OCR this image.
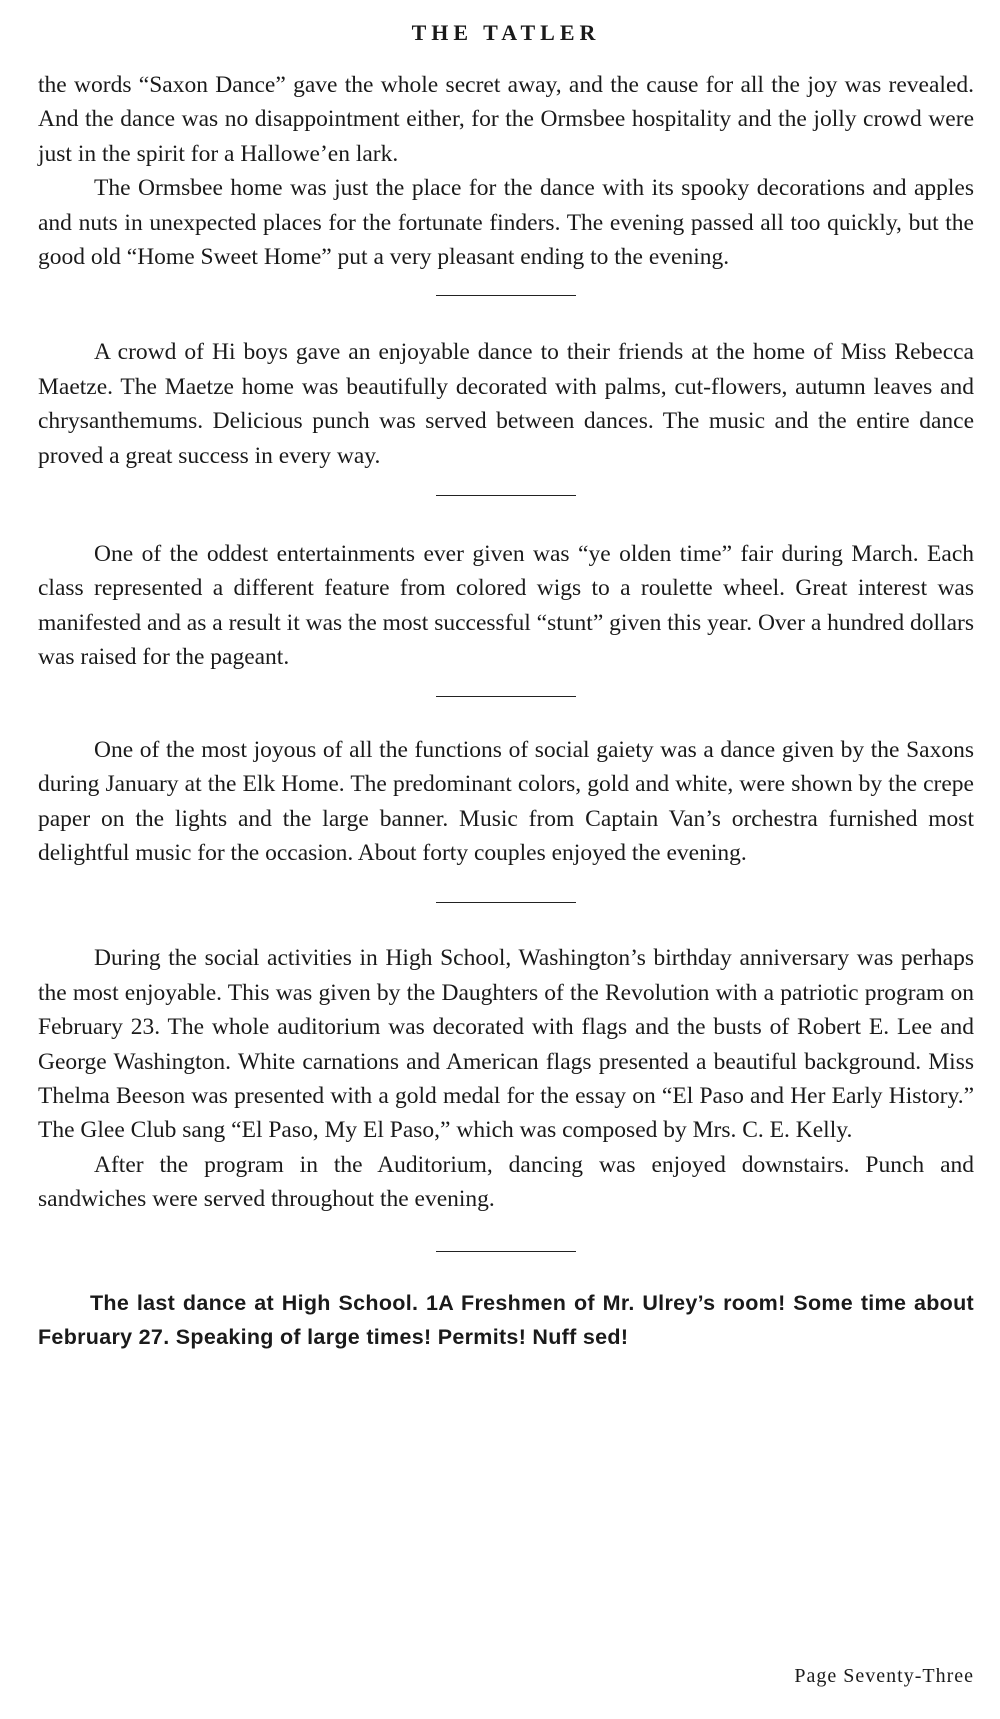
THE TATLER

the words “Saxon Dance” gave the whole secret away, and the cause for all the joy was revealed. And the dance was no disappointment either, for the Ormsbee hospitality and the jolly crowd were just in the spirit for a Hallowe’en lark.

The Ormsbee home was just the place for the dance with its spooky decorations and apples and nuts in unexpected places for the fortunate finders. The evening passed all too quickly, but the good old “Home Sweet Home” put a very pleasant ending to the evening.

A crowd of Hi boys gave an enjoyable dance to their friends at the home of Miss Rebecca Maetze. The Maetze home was beautifully decorated with palms, cut-flowers, autumn leaves and chrysanthemums. Delicious punch was served between dances. The music and the entire dance proved a great success in every way.

One of the oddest entertainments ever given was “ye olden time” fair during March. Each class represented a different feature from colored wigs to a roulette wheel. Great interest was manifested and as a result it was the most successful “stunt” given this year. Over a hundred dollars was raised for the pageant.

One of the most joyous of all the functions of social gaiety was a dance given by the Saxons during January at the Elk Home. The predominant colors, gold and white, were shown by the crepe paper on the lights and the large banner. Music from Captain Van’s orchestra furnished most delightful music for the occasion. About forty couples enjoyed the evening.

During the social activities in High School, Washington’s birthday anniversary was perhaps the most enjoyable. This was given by the Daughters of the Revolution with a patriotic program on February 23. The whole auditorium was decorated with flags and the busts of Robert E. Lee and George Washington. White carnations and American flags presented a beautiful background. Miss Thelma Beeson was presented with a gold medal for the essay on “El Paso and Her Early History.” The Glee Club sang “El Paso, My El Paso,” which was composed by Mrs. C. E. Kelly.

After the program in the Auditorium, dancing was enjoyed downstairs. Punch and sandwiches were served throughout the evening.

The last dance at High School. 1A Freshmen of Mr. Ulrey’s room! Some time about February 27. Speaking of large times! Permits! Nuff sed!

Page Seventy-Three
